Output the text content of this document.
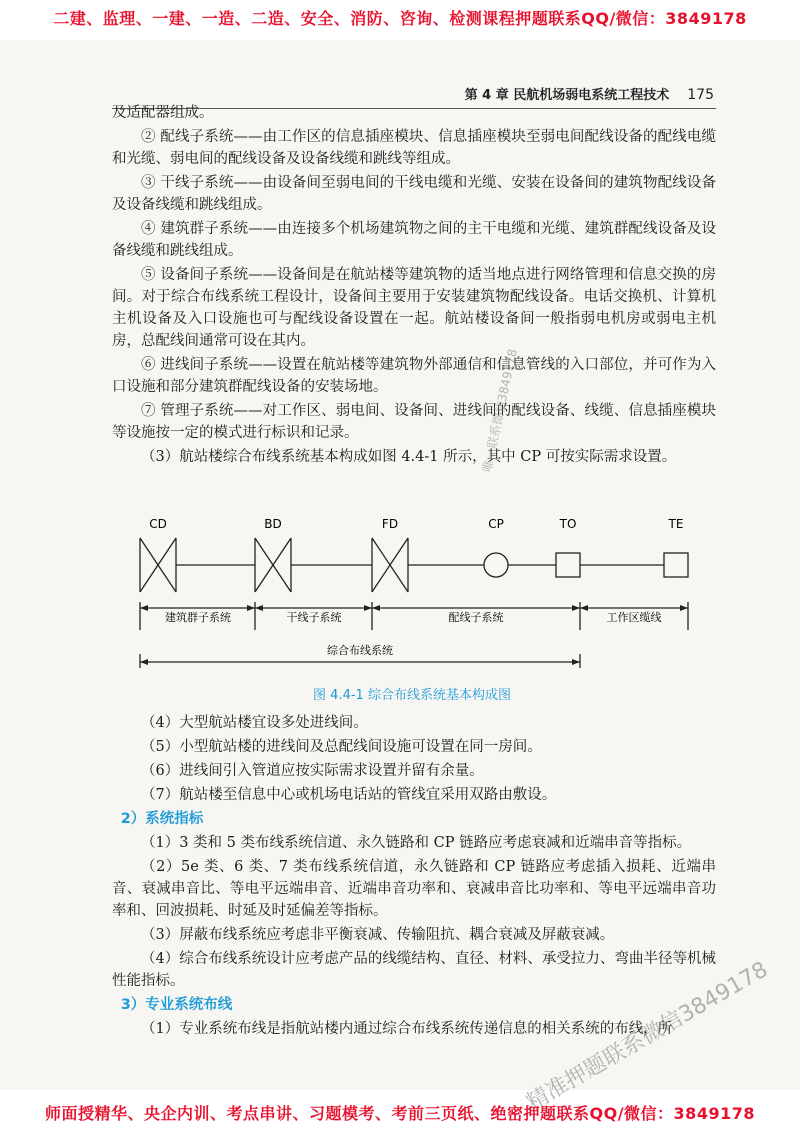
二建、监理、一建、一造、二造、安全、消防、咨询、检测课程押题联系QQ/微信：3849178
第 4 章 民航机场弱电系统工程技术 175

及适配器组成。

② 配线子系统——由工作区的信息插座模块、信息插座模块至弱电间配线设备的配线电缆和光缆、弱电间的配线设备及设备线缆和跳线等组成。

③ 干线子系统——由设备间至弱电间的干线电缆和光缆、安装在设备间的建筑物配线设备及设备线缆和跳线组成。

④ 建筑群子系统——由连接多个机场建筑物之间的主干电缆和光缆、建筑群配线设备及设备线缆和跳线组成。

⑤ 设备间子系统——设备间是在航站楼等建筑物的适当地点进行网络管理和信息交换的房间。对于综合布线系统工程设计，设备间主要用于安装建筑物配线设备。电话交换机、计算机主机设备及入口设施也可与配线设备设置在一起。航站楼设备间一般指弱电机房或弱电主机房，总配线间通常可设在其内。

⑥ 进线间子系统——设置在航站楼等建筑物外部通信和信息管线的入口部位，并可作为入口设施和部分建筑群配线设备的安装场地。

⑦ 管理子系统——对工作区、弱电间、设备间、进线间的配线设备、线缆、信息插座模块等设施按一定的模式进行标识和记录。

（3）航站楼综合布线系统基本构成如图 4.4-1 所示，其中 CP 可按实际需求设置。

CD	BD	FD	CP	TO	TE
建筑群子系统	干线子系统	配线子系统	工作区缆线
综合布线系统
图 4.4-1 综合布线系统基本构成图

（4）大型航站楼宜设多处进线间。

（5）小型航站楼的进线间及总配线间设施可设置在同一房间。

（6）进线间引入管道应按实际需求设置并留有余量。

（7）航站楼至信息中心或机场电话站的管线宜采用双路由敷设。

2）系统指标

（1）3 类和 5 类布线系统信道、永久链路和 CP 链路应考虑衰减和近端串音等指标。

（2）5e 类、6 类、7 类布线系统信道，永久链路和 CP 链路应考虑插入损耗、近端串音、衰减串音比、等电平远端串音、近端串音功率和、衰减串音比功率和、等电平远端串音功率和、回波损耗、时延及时延偏差等指标。

（3）屏蔽布线系统应考虑非平衡衰减、传输阻抗、耦合衰减及屏蔽衰减。

（4）综合布线系统设计应考虑产品的线缆结构、直径、材料、承受拉力、弯曲半径等机械性能指标。

3）专业系统布线

（1）专业系统布线是指航站楼内通过综合布线系统传递信息的相关系统的布线，所

唯一联系微信3849178
精准押题联系微信3849178
师面授精华、央企内训、考点串讲、习题模考、考前三页纸、绝密押题联系QQ/微信：3849178
